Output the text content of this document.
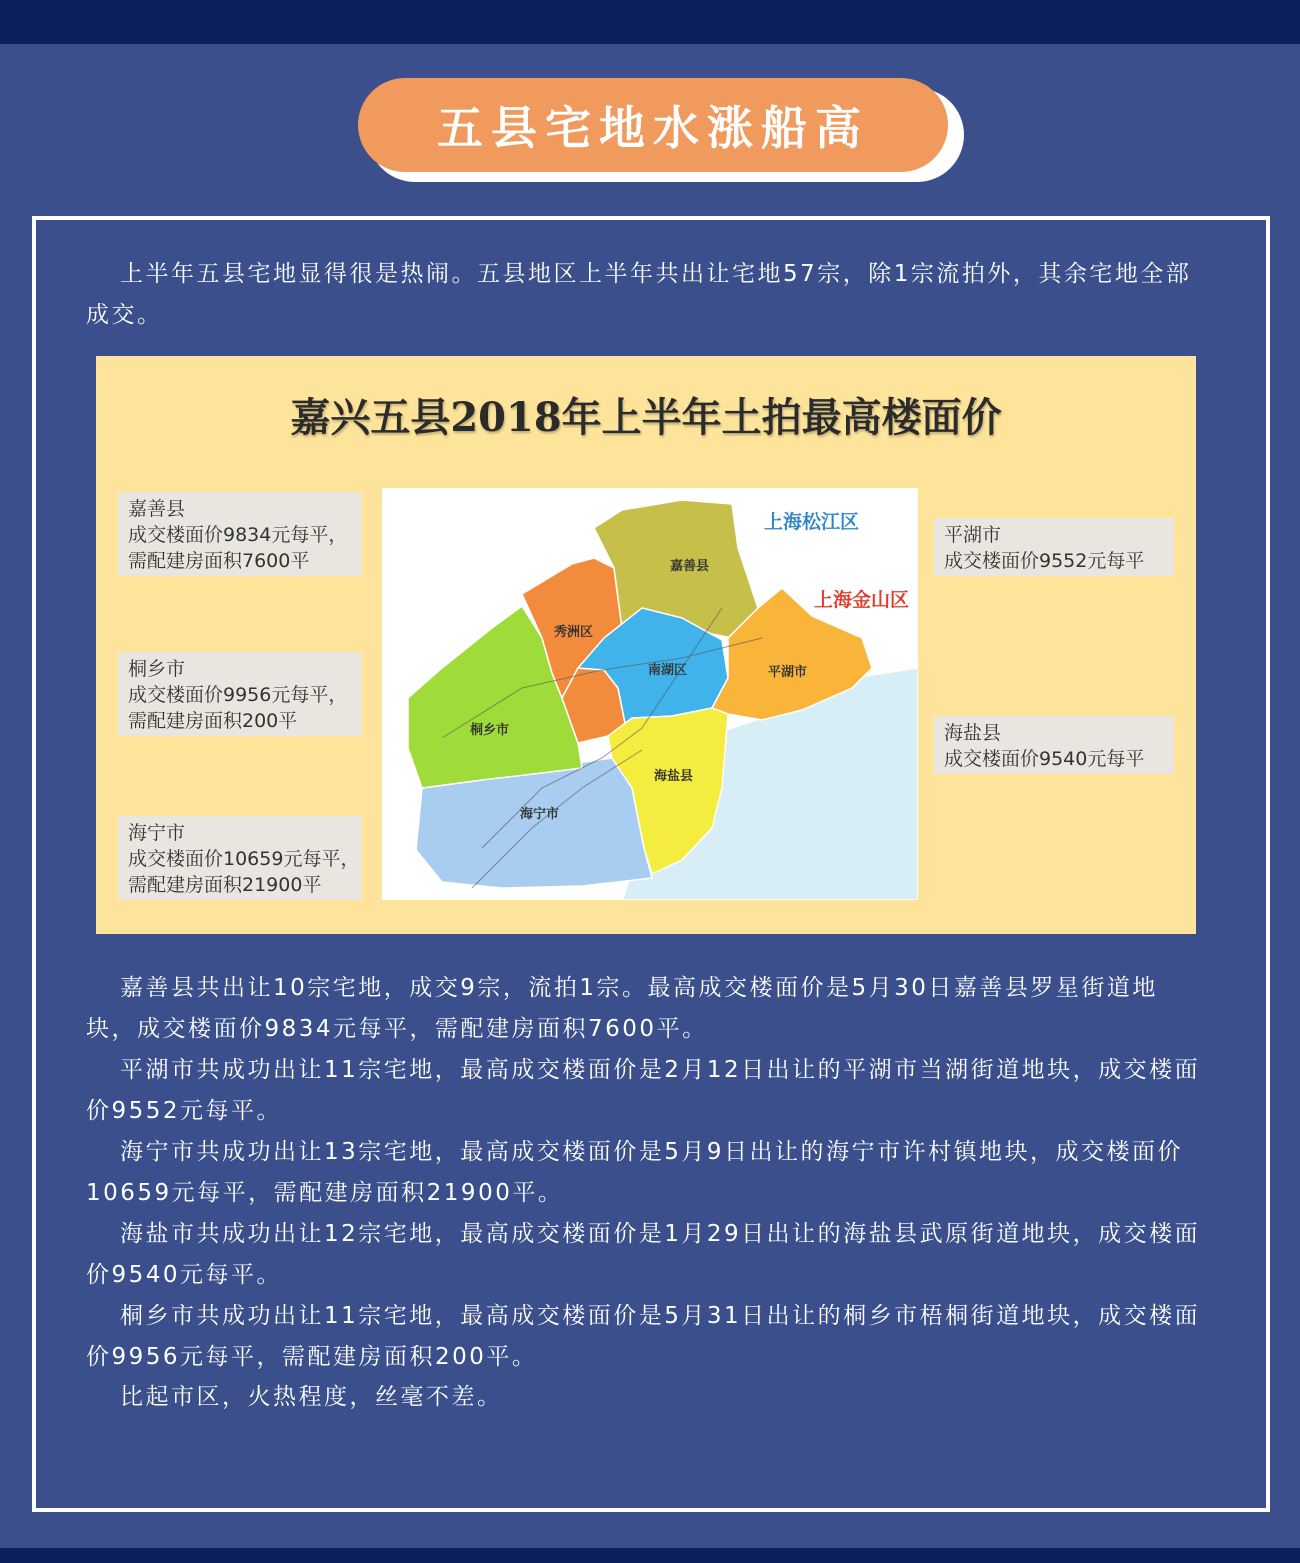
五县宅地水涨船高

上半年五县宅地显得很是热闹。五县地区上半年共出让宅地57宗，除1宗流拍外，其余宅地全部成交。

嘉兴五县2018年上半年土拍最高楼面价
嘉善县
成交楼面价9834元每平，
需配建房面积7600平
桐乡市
成交楼面价9956元每平，
需配建房面积200平
海宁市
成交楼面价10659元每平，
需配建房面积21900平
平湖市
成交楼面价9552元每平
海盐县
成交楼面价9540元每平
嘉善县
秀洲区
南湖区	平湖市
桐乡市
海盐县
海宁市
上海松江区
上海金山区

嘉善县共出让10宗宅地，成交9宗，流拍1宗。最高成交楼面价是5月30日嘉善县罗星街道地块，成交楼面价9834元每平，需配建房面积7600平。

平湖市共成功出让11宗宅地，最高成交楼面价是2月12日出让的平湖市当湖街道地块，成交楼面价9552元每平。

海宁市共成功出让13宗宅地，最高成交楼面价是5月9日出让的海宁市许村镇地块，成交楼面价10659元每平，需配建房面积21900平。

海盐市共成功出让12宗宅地，最高成交楼面价是1月29日出让的海盐县武原街道地块，成交楼面价9540元每平。

桐乡市共成功出让11宗宅地，最高成交楼面价是5月31日出让的桐乡市梧桐街道地块，成交楼面价9956元每平，需配建房面积200平。

比起市区，火热程度，丝毫不差。
